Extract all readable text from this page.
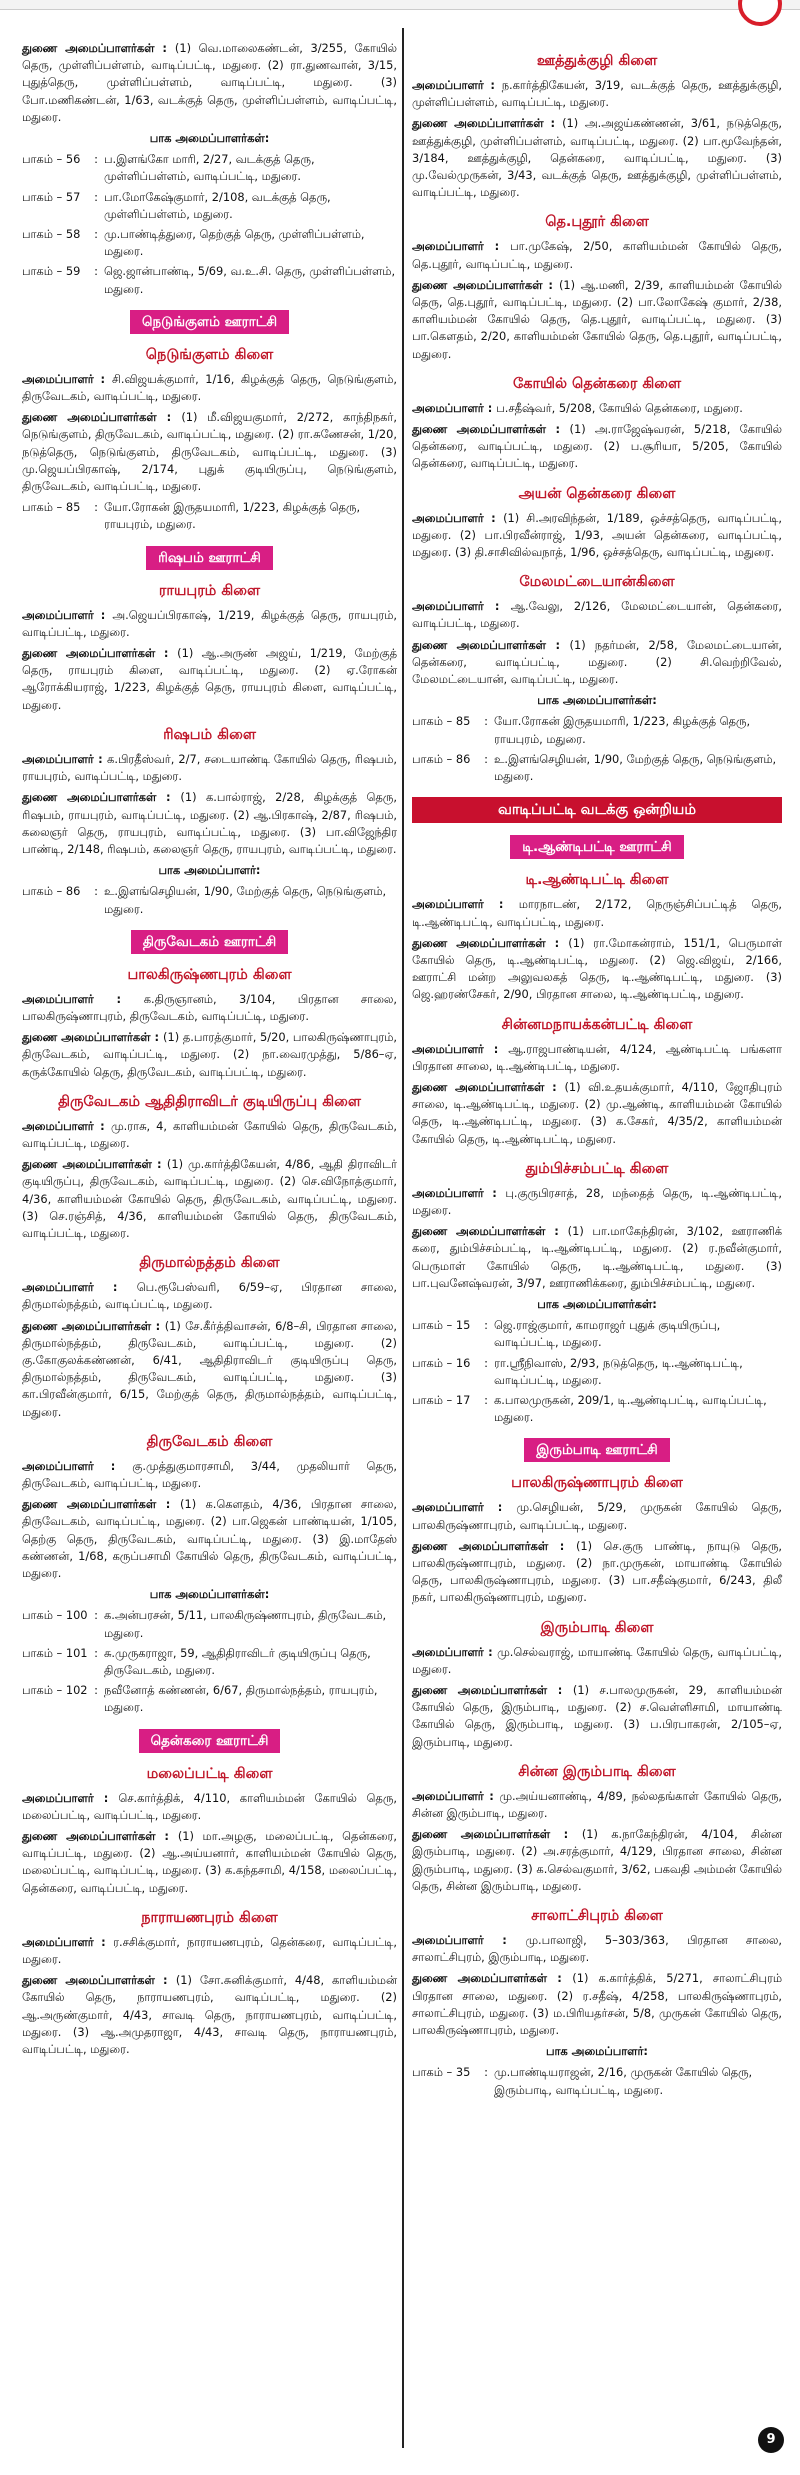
துணை அமைப்பாளர்கள் : (1) வெ.மாலைகண்டன், 3/255, கோயில் தெரு, முள்ளிப்பள்ளம், வாடிப்பட்டி, மதுரை. (2) ரா.துணவான், 3/15, புதுத்தெரு, முள்ளிப்பள்ளம், வாடிப்பட்டி, மதுரை. (3) போ.மணிகண்டன், 1/63, வடக்குத் தெரு, முள்ளிப்பள்ளம், வாடிப்பட்டி, மதுரை.

பாக அமைப்பாளர்கள்:
பாகம் – 56	: ப.இளங்கோ மாரி, 2/27, வடக்குத் தெரு, முள்ளிப்பள்ளம், வாடிப்பட்டி, மதுரை.
பாகம் – 57	: பா.மோகேஷ்குமார், 2/108, வடக்குத் தெரு, முள்ளிப்பள்ளம், மதுரை.
பாகம் – 58	: மு.பாண்டித்துரை, தெற்குத் தெரு, முள்ளிப்பள்ளம், மதுரை.
பாகம் – 59	: ஜெ.ஜான்பாண்டி, 5/69, வ.உ.சி. தெரு, முள்ளிப்பள்ளம், மதுரை.
நெடுங்குளம் ஊராட்சி
நெடுங்குளம் கிளை

அமைப்பாளர் : சி.விஜயக்குமார், 1/16, கிழக்குத் தெரு, நெடுங்குளம், திருவேடகம், வாடிப்பட்டி, மதுரை.

துணை அமைப்பாளர்கள் : (1) மீ.விஜயகுமார், 2/272, காந்திநகர், நெடுங்குளம், திருவேடகம், வாடிப்பட்டி, மதுரை. (2) ரா.சுணேசன், 1/20, நடுத்தெரு, நெடுங்குளம், திருவேடகம், வாடிப்பட்டி, மதுரை. (3) மு.ஜெயப்பிரகாஷ், 2/174, புதுக் குடியிருப்பு, நெடுங்குளம், திருவேடகம், வாடிப்பட்டி, மதுரை.

பாகம் – 85	: யோ.ரோகன் இருதயமாரி, 1/223, கிழக்குத் தெரு, ராயபுரம், மதுரை.
ரிஷபம் ஊராட்சி
ராயபுரம் கிளை

அமைப்பாளர் : அ.ஜெயப்பிரகாஷ், 1/219, கிழக்குத் தெரு, ராயபுரம், வாடிப்பட்டி, மதுரை.

துணை அமைப்பாளர்கள் : (1) ஆ.அருண் அஜய், 1/219, மேற்குத் தெரு, ராயபுரம் கிளை, வாடிப்பட்டி, மதுரை. (2) ஏ.ரோகன் ஆரோக்கியராஜ், 1/223, கிழக்குத் தெரு, ராயபுரம் கிளை, வாடிப்பட்டி, மதுரை.

ரிஷபம் கிளை

அமைப்பாளர் : க.பிரதீஸ்வர், 2/7, சடையாண்டி கோயில் தெரு, ரிஷபம், ராயபுரம், வாடிப்பட்டி, மதுரை.

துணை அமைப்பாளர்கள் : (1) க.பால்ராஜ், 2/28, கிழக்குத் தெரு, ரிஷபம், ராயபுரம், வாடிப்பட்டி, மதுரை. (2) ஆ.பிரகாஷ், 2/87, ரிஷபம், கலைஞர் தெரு, ராயபுரம், வாடிப்பட்டி, மதுரை. (3) பா.விஜேந்திர பாண்டி, 2/148, ரிஷபம், கலைஞர் தெரு, ராயபுரம், வாடிப்பட்டி, மதுரை.

பாக அமைப்பாளர்:
பாகம் – 86	: உ.இளங்செழியன், 1/90, மேற்குத் தெரு, நெடுங்குளம், மதுரை.
திருவேடகம் ஊராட்சி
பாலகிருஷ்ணபுரம் கிளை

அமைப்பாளர் : க.திருஞானம், 3/104, பிரதான சாலை, பாலகிருஷ்ணாபுரம், திருவேடகம், வாடிப்பட்டி, மதுரை.

துணை அமைப்பாளர்கள் : (1) த.பாரத்குமார், 5/20, பாலகிருஷ்ணாபுரம், திருவேடகம், வாடிப்பட்டி, மதுரை. (2) நா.வைரமுத்து, 5/86–ஏ, கருக்கோயில் தெரு, திருவேடகம், வாடிப்பட்டி, மதுரை.

திருவேடகம் ஆதிதிராவிடர் குடியிருப்பு கிளை

அமைப்பாளர் : மு.ராசு, 4, காளியம்மன் கோயில் தெரு, திருவேடகம், வாடிப்பட்டி, மதுரை.

துணை அமைப்பாளர்கள் : (1) மு.கார்த்திகேயன், 4/86, ஆதி திராவிடர் குடியிருப்பு, திருவேடகம், வாடிப்பட்டி, மதுரை. (2) செ.விநோத்குமார், 4/36, காளியம்மன் கோயில் தெரு, திருவேடகம், வாடிப்பட்டி, மதுரை. (3) செ.ரஞ்சித், 4/36, காளியம்மன் கோயில் தெரு, திருவேடகம், வாடிப்பட்டி, மதுரை.

திருமால்நத்தம் கிளை

அமைப்பாளர் : பெ.ரூபேஸ்வரி, 6/59–ஏ, பிரதான சாலை, திருமால்நத்தம், வாடிப்பட்டி, மதுரை.

துணை அமைப்பாளர்கள் : (1) சே.கீர்த்திவாசன், 6/8–சி, பிரதான சாலை, திருமால்நத்தம், திருவேடகம், வாடிப்பட்டி, மதுரை. (2) கு.கோகுலக்கண்ணன், 6/41, ஆதிதிராவிடர் குடியிருப்பு தெரு, திருமால்நத்தம், திருவேடகம், வாடிப்பட்டி, மதுரை. (3) கா.பிரவீன்குமார், 6/15, மேற்குத் தெரு, திருமால்நத்தம், வாடிப்பட்டி, மதுரை.

திருவேடகம் கிளை

அமைப்பாளர் : கு.முத்துகுமாரசாமி, 3/44, முதலியார் தெரு, திருவேடகம், வாடிப்பட்டி, மதுரை.

துணை அமைப்பாளர்கள் : (1) க.கௌதம், 4/36, பிரதான சாலை, திருவேடகம், வாடிப்பட்டி, மதுரை. (2) பா.ஜெகன் பாண்டியன், 1/105, தெற்கு தெரு, திருவேடகம், வாடிப்பட்டி, மதுரை. (3) இ.மாதேஸ் கண்ணன், 1/68, கருப்பசாமி கோயில் தெரு, திருவேடகம், வாடிப்பட்டி, மதுரை.

பாக அமைப்பாளர்கள்:
பாகம் – 100 : க.அன்பரசன், 5/11, பாலகிருஷ்ணாபுரம், திருவேடகம், மதுரை.
பாகம் – 101 : சு.முருகராஜா, 59, ஆதிதிராவிடர் குடியிருப்பு தெரு, திருவேடகம், மதுரை.
பாகம் – 102 : நவீனோத் கண்ணன், 6/67, திருமால்நத்தம், ராயபுரம், மதுரை.
தென்கரை ஊராட்சி
மலைப்பட்டி கிளை

அமைப்பாளர் : செ.கார்த்திக், 4/110, காளியம்மன் கோயில் தெரு, மலைப்பட்டி, வாடிப்பட்டி, மதுரை.

துணை அமைப்பாளர்கள் : (1) மா.அழகு, மலைப்பட்டி, தென்கரை, வாடிப்பட்டி, மதுரை. (2) ஆ.அய்யனார், காளியம்மன் கோயில் தெரு, மலைப்பட்டி, வாடிப்பட்டி, மதுரை. (3) க.கந்தசாமி, 4/158, மலைப்பட்டி, தென்கரை, வாடிப்பட்டி, மதுரை.

நாராயணபுரம் கிளை

அமைப்பாளர் : ர.சசிக்குமார், நாராயணபுரம், தென்கரை, வாடிப்பட்டி, மதுரை.

துணை அமைப்பாளர்கள் : (1) சோ.சுனிக்குமார், 4/48, காளியம்மன் கோயில் தெரு, நாராயணபுரம், வாடிப்பட்டி, மதுரை. (2) ஆ.அருண்குமார், 4/43, சாவடி தெரு, நாராயணபுரம், வாடிப்பட்டி, மதுரை. (3) ஆ.அமுதராஜா, 4/43, சாவடி தெரு, நாராயணபுரம், வாடிப்பட்டி, மதுரை.

ஊத்துக்குழி கிளை

அமைப்பாளர் : ந.கார்த்திகேயன், 3/19, வடக்குத் தெரு, ஊத்துக்குழி, முள்ளிப்பள்ளம், வாடிப்பட்டி, மதுரை.

துணை அமைப்பாளர்கள் : (1) அ.அஜய்கண்ணன், 3/61, நடுத்தெரு, ஊத்துக்குழி, முள்ளிப்பள்ளம், வாடிப்பட்டி, மதுரை. (2) பா.மூவேந்தன், 3/184, ஊத்துக்குழி, தென்கரை, வாடிப்பட்டி, மதுரை. (3) மு.வேல்முருகன், 3/43, வடக்குத் தெரு, ஊத்துக்குழி, முள்ளிப்பள்ளம், வாடிப்பட்டி, மதுரை.

தெ.புதூர் கிளை

அமைப்பாளர் : பா.முகேஷ், 2/50, காளியம்மன் கோயில் தெரு, தெ.புதூர், வாடிப்பட்டி, மதுரை.

துணை அமைப்பாளர்கள் : (1) ஆ.மணி, 2/39, காளியம்மன் கோயில் தெரு, தெ.புதூர், வாடிப்பட்டி, மதுரை. (2) பா.லோகேஷ் குமார், 2/38, காளியம்மன் கோயில் தெரு, தெ.புதூர், வாடிப்பட்டி, மதுரை. (3) பா.கௌதம், 2/20, காளியம்மன் கோயில் தெரு, தெ.புதூர், வாடிப்பட்டி, மதுரை.

கோயில் தென்கரை கிளை

அமைப்பாளர் : ப.சதீஷ்வர், 5/208, கோயில் தென்கரை, மதுரை.

துணை அமைப்பாளர்கள் : (1) அ.ராஜேஷ்வரன், 5/218, கோயில் தென்கரை, வாடிப்பட்டி, மதுரை. (2) ப.சூரியா, 5/205, கோயில் தென்கரை, வாடிப்பட்டி, மதுரை.

அயன் தென்கரை கிளை

அமைப்பாளர் : (1) சி.அரவிந்தன், 1/189, ஒச்சத்தெரு, வாடிப்பட்டி, மதுரை. (2) பா.பிரவீன்ராஜ், 1/93, அயன் தென்கரை, வாடிப்பட்டி, மதுரை. (3) தி.சாசிவில்வநாத், 1/96, ஒச்சத்தெரு, வாடிப்பட்டி, மதுரை.

மேலமட்டையான்கிளை

அமைப்பாளர் : ஆ.வேலு, 2/126, மேலமட்டையான், தென்கரை, வாடிப்பட்டி, மதுரை.

துணை அமைப்பாளர்கள் : (1) நதர்மன், 2/58, மேலமட்டையான், தென்கரை, வாடிப்பட்டி, மதுரை. (2) சி.வெற்றிவேல், மேலமட்டையான், வாடிப்பட்டி, மதுரை.

பாக அமைப்பாளர்கள்:
பாகம் – 85	: யோ.ரோகன் இருதயமாரி, 1/223, கிழக்குத் தெரு, ராயபுரம், மதுரை.
பாகம் – 86	: உ.இளங்செழியன், 1/90, மேற்குத் தெரு, நெடுங்குளம், மதுரை.
வாடிப்பட்டி வடக்கு ஒன்றியம்
டி.ஆண்டிபட்டி ஊராட்சி
டி.ஆண்டிபட்டி கிளை

அமைப்பாளர் : மாரநாடண், 2/172, நெருஞ்சிப்பட்டித் தெரு, டி.ஆண்டிபட்டி, வாடிப்பட்டி, மதுரை.

துணை அமைப்பாளர்கள் : (1) ரா.மோகன்ராம், 151/1, பெருமாள் கோயில் தெரு, டி.ஆண்டிபட்டி, மதுரை. (2) ஜெ.விஜய், 2/166, ஊராட்சி மன்ற அலுவலகத் தெரு, டி.ஆண்டிபட்டி, மதுரை. (3) ஜெ.ஹரண்சேகர், 2/90, பிரதான சாலை, டி.ஆண்டிபட்டி, மதுரை.

சின்னமநாயக்கன்பட்டி கிளை

அமைப்பாளர் : ஆ.ராஜபாண்டியன், 4/124, ஆண்டிபட்டி பங்களா பிரதான சாலை, டி.ஆண்டிபட்டி, மதுரை.

துணை அமைப்பாளர்கள் : (1) வி.உதயக்குமார், 4/110, ஜோதிபுரம் சாலை, டி.ஆண்டிபட்டி, மதுரை. (2) மு.ஆண்டி, காளியம்மன் கோயில் தெரு, டி.ஆண்டிபட்டி, மதுரை. (3) க.சேகர், 4/35/2, காளியம்மன் கோயில் தெரு, டி.ஆண்டிபட்டி, மதுரை.

தும்பிச்சம்பட்டி கிளை

அமைப்பாளர் : பு.குருபிரசாத், 28, மந்தைத் தெரு, டி.ஆண்டிபட்டி, மதுரை.

துணை அமைப்பாளர்கள் : (1) பா.மாகேந்திரன், 3/102, ஊராணிக் கரை, தும்பிச்சம்பட்டி, டி.ஆண்டிபட்டி, மதுரை. (2) ர.நவீன்குமார், பெருமாள் கோயில் தெரு, டி.ஆண்டிபட்டி, மதுரை. (3) பா.புவனேஷ்வரன், 3/97, ஊராணிக்கரை, தும்பிச்சம்பட்டி, மதுரை.

பாக அமைப்பாளர்கள்:
பாகம் – 15	: ஜெ.ராஜ்குமார், காமராஜர் புதுக் குடியிருப்பு, வாடிப்பட்டி, மதுரை.
பாகம் – 16	: ரா.ஸ்ரீநிவாஸ், 2/93, நடுத்தெரு, டி.ஆண்டிபட்டி, வாடிப்பட்டி, மதுரை.
பாகம் – 17	: க.பாலமுருகன், 209/1, டி.ஆண்டிபட்டி, வாடிப்பட்டி, மதுரை.
இரும்பாடி ஊராட்சி
பாலகிருஷ்ணாபுரம் கிளை

அமைப்பாளர் : மு.செழியன், 5/29, முருகன் கோயில் தெரு, பாலகிருஷ்ணாபுரம், வாடிப்பட்டி, மதுரை.

துணை அமைப்பாளர்கள் : (1) செ.குரு பாண்டி, நாயுடு தெரு, பாலகிருஷ்ணாபுரம், மதுரை. (2) நா.முருகன், மாயாண்டி கோயில் தெரு, பாலகிருஷ்ணாபுரம், மதுரை. (3) பா.சதீஷ்குமார், 6/243, திலீ நகர், பாலகிருஷ்ணாபுரம், மதுரை.

இரும்பாடி கிளை

அமைப்பாளர் : மு.செல்வராஜ், மாயாண்டி கோயில் தெரு, வாடிப்பட்டி, மதுரை.

துணை அமைப்பாளர்கள் : (1) ச.பாலமுருகன், 29, காளியம்மன் கோயில் தெரு, இரும்பாடி, மதுரை. (2) ச.வெள்ளிசாமி, மாயாண்டி கோயில் தெரு, இரும்பாடி, மதுரை. (3) ப.பிரபாகரன், 2/105–ஏ, இரும்பாடி, மதுரை.

சின்ன இரும்பாடி கிளை

அமைப்பாளர் : மு.அய்யனாண்டி, 4/89, நல்லதங்காள் கோயில் தெரு, சின்ன இரும்பாடி, மதுரை.

துணை அமைப்பாளர்கள் : (1) க.நாகேந்திரன், 4/104, சின்ன இரும்பாடி, மதுரை. (2) அ.சரத்குமார், 4/129, பிரதான சாலை, சின்ன இரும்பாடி, மதுரை. (3) க.செல்வகுமார், 3/62, பகவதி அம்மன் கோயில் தெரு, சின்ன இரும்பாடி, மதுரை.

சாலாட்சிபுரம் கிளை

அமைப்பாளர் : மு.பாலாஜி, 5–303/363, பிரதான சாலை, சாலாட்சிபுரம், இரும்பாடி, மதுரை.

துணை அமைப்பாளர்கள் : (1) க.கார்த்திக், 5/271, சாலாட்சிபுரம் பிரதான சாலை, மதுரை. (2) ர.சதீஷ், 4/258, பாலகிருஷ்ணாபுரம், சாலாட்சிபுரம், மதுரை. (3) ம.பிரியதர்சன், 5/8, முருகன் கோயில் தெரு, பாலகிருஷ்ணாபுரம், மதுரை.

பாக அமைப்பாளர்:
பாகம் – 35	: மு.பாண்டியராஜன், 2/16, முருகன் கோயில் தெரு, இரும்பாடி, வாடிப்பட்டி, மதுரை.
9
